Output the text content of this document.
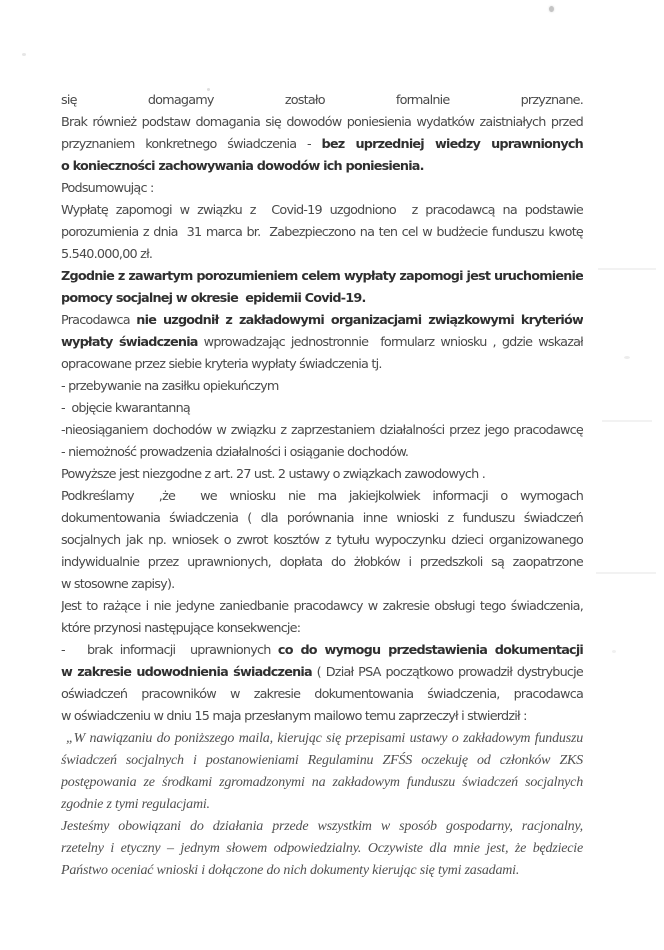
się domagamy zostało formalnie przyznane.
Brak również podstaw domagania się dowodów poniesienia wydatków zaistniałych przed
przyznaniem konkretnego świadczenia - bez uprzedniej wiedzy uprawnionych
o konieczności zachowywania dowodów ich poniesienia.
Podsumowując :
Wypłatę zapomogi w związku z  Covid-19 uzgodniono  z pracodawcą na podstawie
porozumienia z dnia  31 marca br.  Zabezpieczono na ten cel w budżecie funduszu kwotę
5.540.000,00 zł.
Zgodnie z zawartym porozumieniem celem wypłaty zapomogi jest uruchomienie
pomocy socjalnej w okresie  epidemii Covid-19.
Pracodawca nie uzgodnił z zakładowymi organizacjami związkowymi kryteriów
wypłaty świadczenia wprowadzając jednostronnie  formularz wniosku , gdzie wskazał
opracowane przez siebie kryteria wypłaty świadczenia tj.
- przebywanie na zasiłku opiekuńczym
-  objęcie kwarantanną
-nieosiąganiem dochodów w związku z zaprzestaniem działalności przez jego pracodawcę
- niemożność prowadzenia działalności i osiąganie dochodów.
Powyższe jest niezgodne z art. 27 ust. 2 ustawy o związkach zawodowych .
Podkreślamy  ,że  we wniosku nie ma jakiejkolwiek informacji o wymogach
dokumentowania świadczenia ( dla porównania inne wnioski z funduszu świadczeń
socjalnych jak np. wniosek o zwrot kosztów z tytułu wypoczynku dzieci organizowanego
indywidualnie przez uprawnionych, dopłata do żłobków i przedszkoli są zaopatrzone
w stosowne zapisy).
Jest to rażące i nie jedyne zaniedbanie pracodawcy w zakresie obsługi tego świadczenia,
które przynosi następujące konsekwencje:
-   brak informacji  uprawnionych co do wymogu przedstawienia dokumentacji
w zakresie udowodnienia świadczenia ( Dział PSA początkowo prowadził dystrybucje
oświadczeń pracowników w zakresie dokumentowania świadczenia, pracodawca
w oświadczeniu w dniu 15 maja przesłanym mailowo temu zaprzeczył i stwierdził :
„W nawiązaniu do poniższego maila, kierując się przepisami ustawy o zakładowym funduszu
świadczeń socjalnych i postanowieniami Regulaminu ZFŚS oczekuję od członków ZKS
postępowania ze środkami zgromadzonymi na zakładowym funduszu świadczeń socjalnych
zgodnie z tymi regulacjami.
Jesteśmy obowiązani do działania przede wszystkim w sposób gospodarny, racjonalny,
rzetelny i etyczny – jednym słowem odpowiedzialny. Oczywiste dla mnie jest, że będziecie
Państwo oceniać wnioski i dołączone do nich dokumenty kierując się tymi zasadami.
